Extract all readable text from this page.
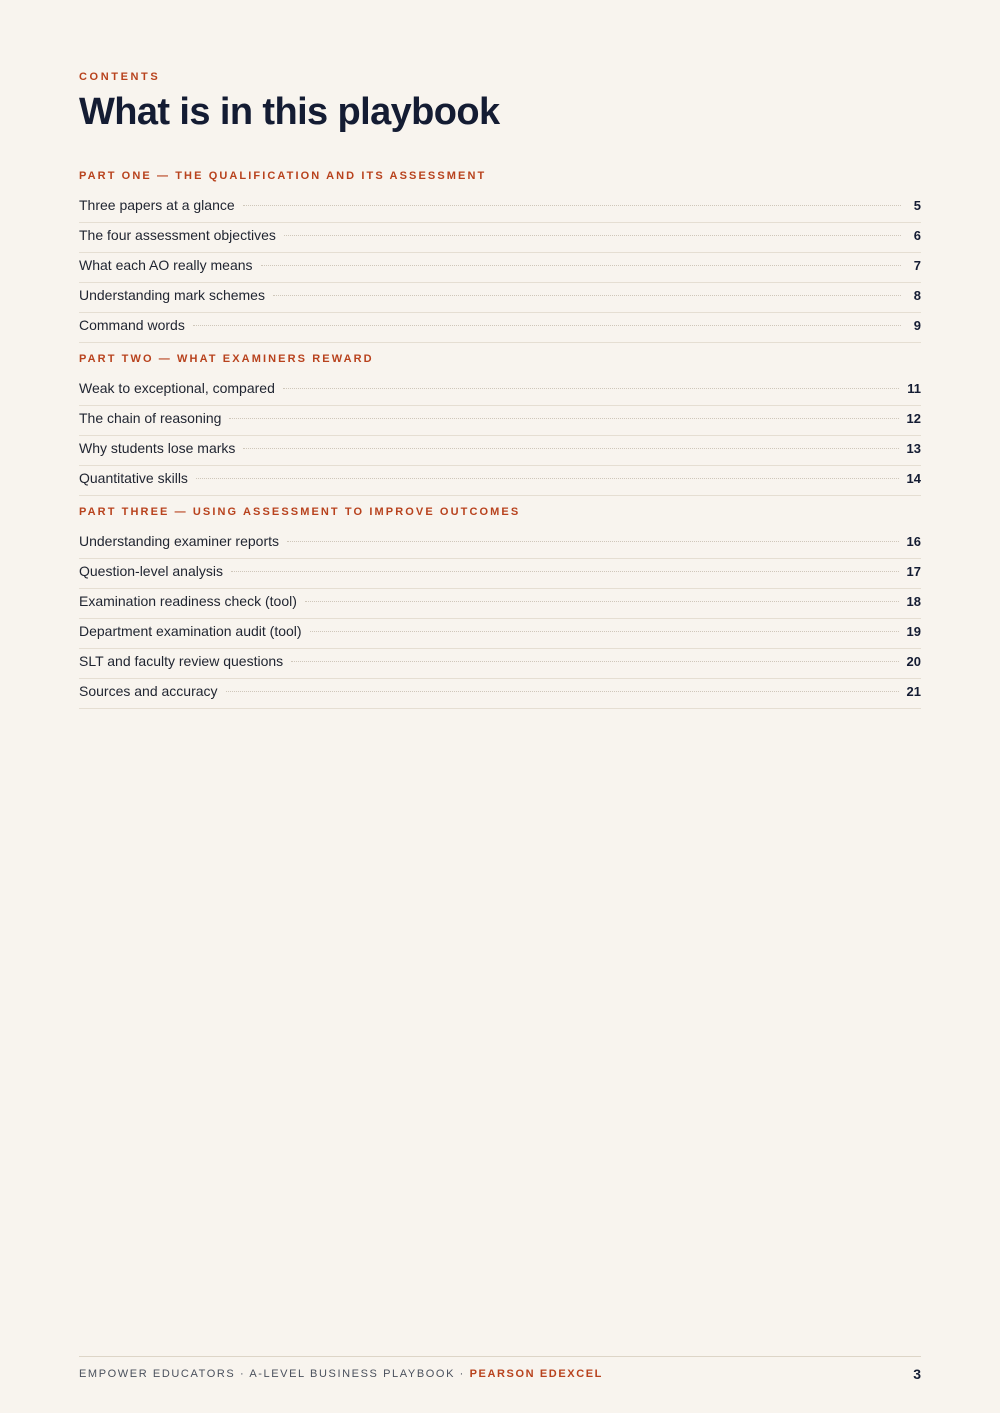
CONTENTS
What is in this playbook
PART ONE — THE QUALIFICATION AND ITS ASSESSMENT
Three papers at a glance	5
The four assessment objectives	6
What each AO really means	7
Understanding mark schemes	8
Command words	9
PART TWO — WHAT EXAMINERS REWARD
Weak to exceptional, compared	11
The chain of reasoning	12
Why students lose marks	13
Quantitative skills	14
PART THREE — USING ASSESSMENT TO IMPROVE OUTCOMES
Understanding examiner reports	16
Question-level analysis	17
Examination readiness check (tool)	18
Department examination audit (tool)	19
SLT and faculty review questions	20
Sources and accuracy	21
EMPOWER EDUCATORS · A-LEVEL BUSINESS PLAYBOOK · PEARSON EDEXCEL	3
